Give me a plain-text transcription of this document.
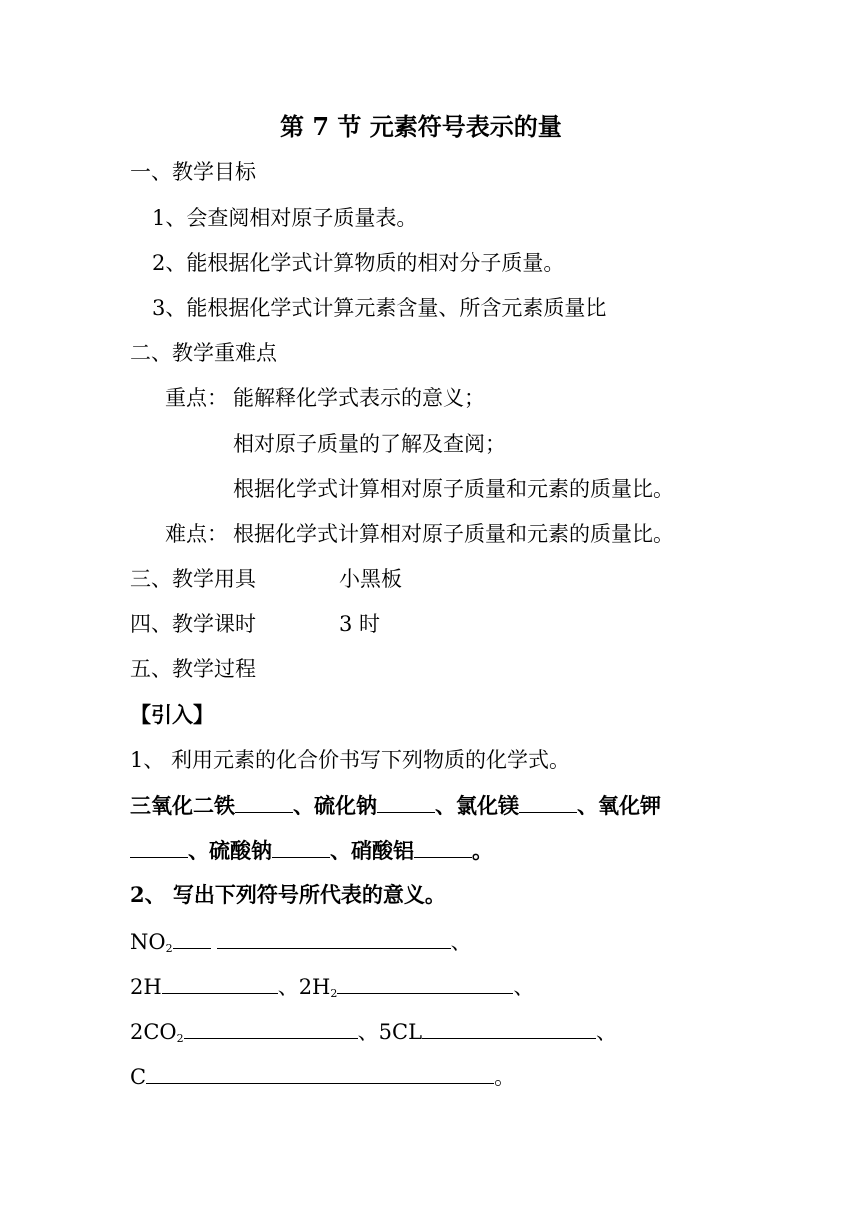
第 7 节 元素符号表示的量
一、教学目标
1、会查阅相对原子质量表。
2、能根据化学式计算物质的相对分子质量。
3、能根据化学式计算元素含量、所含元素质量比
二、教学重难点
重点： 能解释化学式表示的意义；
相对原子质量的了解及查阅；
根据化学式计算相对原子质量和元素的质量比。
难点： 根据化学式计算相对原子质量和元素的质量比。
三、教学用具	小黑板
四、教学课时	3 时
五、教学过程
【引入】
1、 利用元素的化合价书写下列物质的化学式。
三氧化二铁	、硫化钠	、氯化镁	、氧化钾
、硫酸钠	、硝酸铝	。
2、 写出下列符号所代表的意义。
$NO_2$	、
2H	、$2H_2$	、
$2CO_2$	、5CL	、
C	。
